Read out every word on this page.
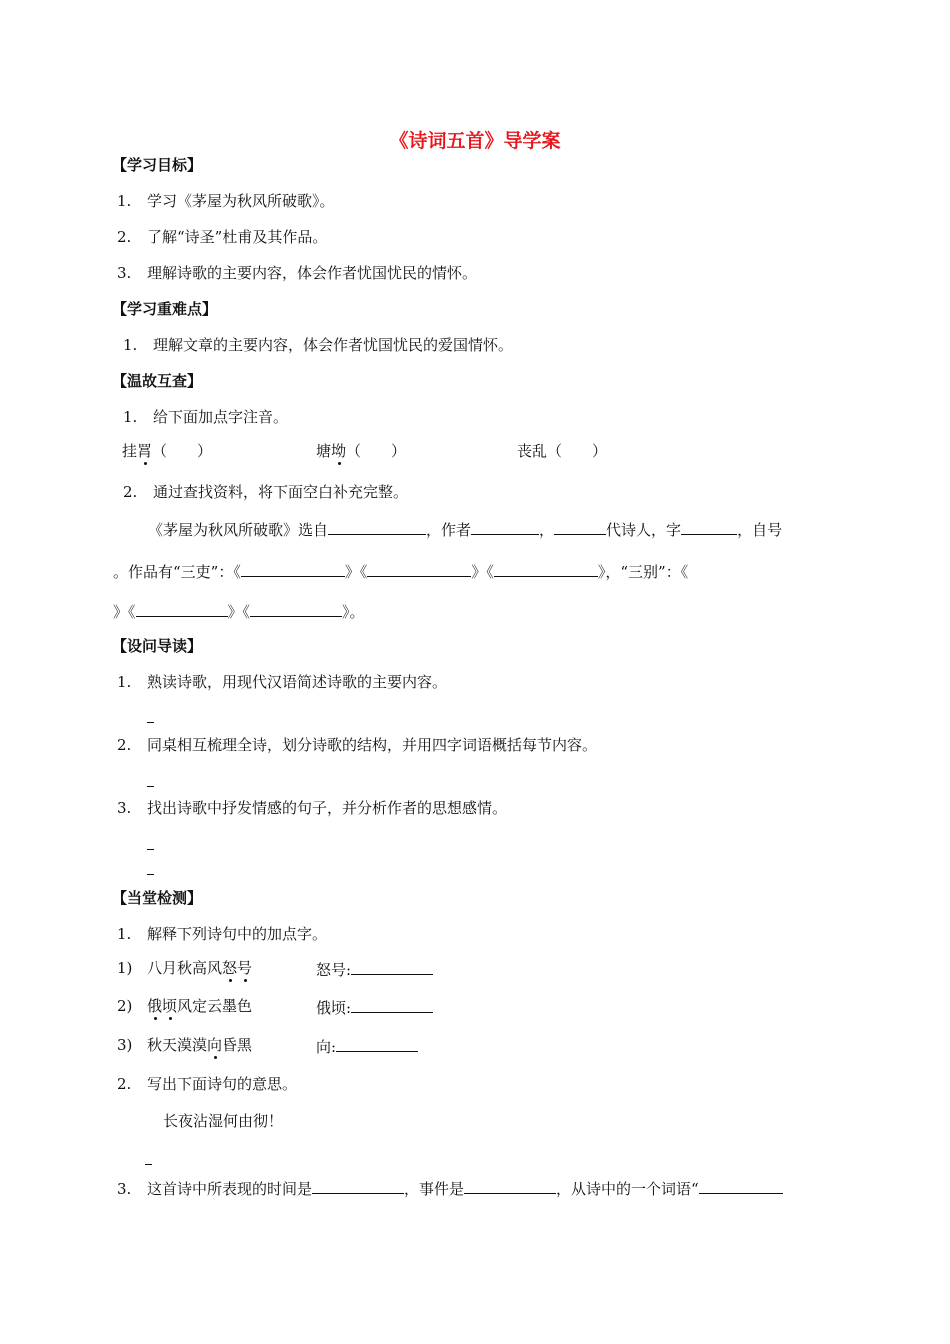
《诗词五首》导学案
【学习目标】
1. 学习《茅屋为秋风所破歌》。
2. 了解“诗圣”杜甫及其作品。
3. 理解诗歌的主要内容，体会作者忧国忧民的情怀。
【学习重难点】
1. 理解文章的主要内容，体会作者忧国忧民的爱国情怀。
【温故互查】
1. 给下面加点字注音。
挂罥（　　）	塘坳（　　）	丧乱（　　）
2. 通过查找资料，将下面空白补充完整。
《茅屋为秋风所破歌》选自	，作者	，	代诗人，字	，自号
。作品有“三吏”：《	》《	》《	》，“三别”：《
》《	》《	》。
【设问导读】
1. 熟读诗歌，用现代汉语简述诗歌的主要内容。
2. 同桌相互梳理全诗，划分诗歌的结构，并用四字词语概括每节内容。
3. 找出诗歌中抒发情感的句子，并分析作者的思想感情。
【当堂检测】
1. 解释下列诗句中的加点字。
1) 八月秋高风怒号	怒号:
2) 俄顷风定云墨色	俄顷:
3) 秋天漠漠向昏黑	向:
2. 写出下面诗句的意思。
长夜沾湿何由彻！
3. 这首诗中所表现的时间是	，事件是	，从诗中的一个词语“
